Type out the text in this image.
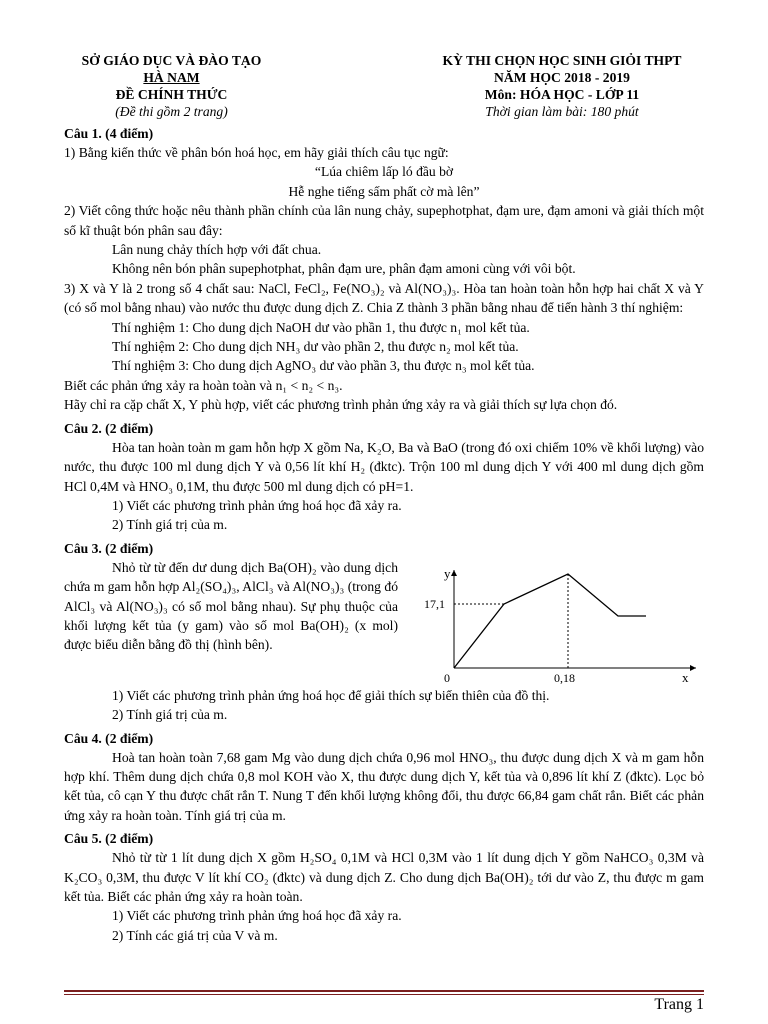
SỞ GIÁO DỤC VÀ ĐÀO TẠO
HÀ NAM
ĐỀ CHÍNH THỨC
(Đề thi gồm 2 trang)
KỲ THI CHỌN HỌC SINH GIỎI THPT
NĂM HỌC 2018 - 2019
Môn: HÓA HỌC - LỚP 11
Thời gian làm bài: 180 phút
Câu 1. (4 điểm)

1) Bằng kiến thức về phân bón hoá học, em hãy giải thích câu tục ngữ:

“Lúa chiêm lấp ló đầu bờ

Hễ nghe tiếng sấm phất cờ mà lên”

2) Viết công thức hoặc nêu thành phần chính của lân nung chảy, supephotphat, đạm ure, đạm amoni và giải thích một số kĩ thuật bón phân sau đây:

Lân nung chảy thích hợp với đất chua.

Không nên bón phân supephotphat, phân đạm ure, phân đạm amoni cùng với vôi bột.

3) X và Y là 2 trong số 4 chất sau: NaCl, FeCl₂, Fe(NO₃)₂ và Al(NO₃)₃. Hòa tan hoàn toàn hỗn hợp hai chất X và Y (có số mol bằng nhau) vào nước thu được dung dịch Z. Chia Z thành 3 phần bằng nhau để tiến hành 3 thí nghiệm:

Thí nghiệm 1: Cho dung dịch NaOH dư vào phần 1, thu được n₁ mol kết tủa.

Thí nghiệm 2: Cho dung dịch NH₃ dư vào phần 2, thu được n₂ mol kết tủa.

Thí nghiệm 3: Cho dung dịch AgNO₃ dư vào phần 3, thu được n₃ mol kết tủa.

Biết các phản ứng xảy ra hoàn toàn và n₁ < n₂ < n₃.

Hãy chỉ ra cặp chất X, Y phù hợp, viết các phương trình phản ứng xảy ra và giải thích sự lựa chọn đó.

Câu 2. (2 điểm)

Hòa tan hoàn toàn m gam hỗn hợp X gồm Na, K₂O, Ba và BaO (trong đó oxi chiếm 10% về khối lượng) vào nước, thu được 100 ml dung dịch Y và 0,56 lít khí H₂ (đktc). Trộn 100 ml dung dịch Y với 400 ml dung dịch gồm HCl 0,4M và HNO₃ 0,1M, thu được 500 ml dung dịch có pH=1.

1) Viết các phương trình phản ứng hoá học đã xảy ra.

2) Tính giá trị của m.

Câu 3. (2 điểm)

Nhỏ từ từ đến dư dung dịch Ba(OH)₂ vào dung dịch chứa m gam hỗn hợp Al₂(SO₄)₃, AlCl₃ và Al(NO₃)₃ (trong đó AlCl₃ và Al(NO₃)₃ có số mol bằng nhau). Sự phụ thuộc của khối lượng kết tủa (y gam) vào số mol Ba(OH)₂ (x mol) được biểu diễn bằng đồ thị (hình bên).

y
x
0
17,1
0,18

1) Viết các phương trình phản ứng hoá học để giải thích sự biến thiên của đồ thị.

2) Tính giá trị của m.

Câu 4. (2 điểm)

Hoà tan hoàn toàn 7,68 gam Mg vào dung dịch chứa 0,96 mol HNO₃, thu được dung dịch X và m gam hỗn hợp khí. Thêm dung dịch chứa 0,8 mol KOH vào X, thu được dung dịch Y, kết tủa và 0,896 lít khí Z (đktc). Lọc bỏ kết tủa, cô cạn Y thu được chất rắn T. Nung T đến khối lượng không đổi, thu được 66,84 gam chất rắn. Biết các phản ứng xảy ra hoàn toàn. Tính giá trị của m.

Câu 5. (2 điểm)

Nhỏ từ từ 1 lít dung dịch X gồm H₂SO₄ 0,1M và HCl 0,3M vào 1 lít dung dịch Y gồm NaHCO₃ 0,3M và K₂CO₃ 0,3M, thu được V lít khí CO₂ (đktc) và dung dịch Z. Cho dung dịch Ba(OH)₂ tới dư vào Z, thu được m gam kết tủa. Biết các phản ứng xảy ra hoàn toàn.

1) Viết các phương trình phản ứng hoá học đã xảy ra.

2) Tính các giá trị của V và m.

Trang 1
